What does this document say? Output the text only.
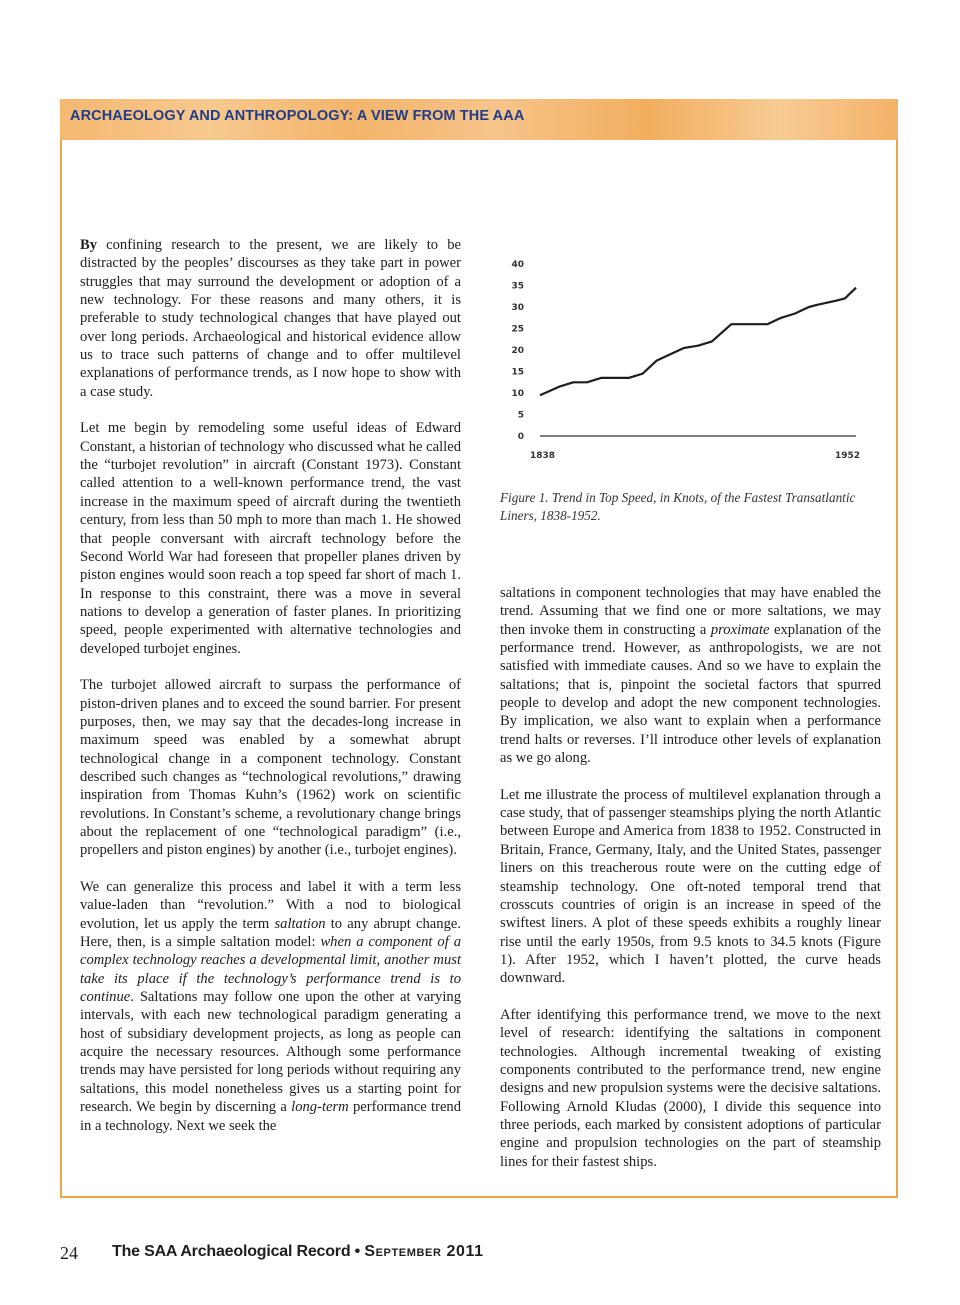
ARCHAEOLOGY AND ANTHROPOLOGY: A VIEW FROM THE AAA

By confining research to the present, we are likely to be distracted by the peoples’ discourses as they take part in power struggles that may surround the development or adoption of a new technology. For these reasons and many others, it is preferable to study technological changes that have played out over long periods. Archaeological and historical evidence allow us to trace such patterns of change and to offer multilevel explanations of performance trends, as I now hope to show with a case study.

Let me begin by remodeling some useful ideas of Edward Constant, a historian of technology who discussed what he called the “turbojet revolution” in aircraft (Constant 1973). Constant called attention to a well-known performance trend, the vast increase in the maximum speed of aircraft during the twentieth century, from less than 50 mph to more than mach 1. He showed that people conversant with aircraft technology before the Second World War had foreseen that propeller planes driven by piston engines would soon reach a top speed far short of mach 1. In response to this constraint, there was a move in several nations to develop a generation of faster planes. In prioritizing speed, people experimented with alternative technologies and developed turbojet engines.

The turbojet allowed aircraft to surpass the performance of piston-driven planes and to exceed the sound barrier. For present purposes, then, we may say that the decades-long increase in maximum speed was enabled by a somewhat abrupt technological change in a component technology. Constant described such changes as “technological revolutions,” drawing inspiration from Thomas Kuhn’s (1962) work on scientific revolutions. In Constant’s scheme, a revolutionary change brings about the replacement of one “technological paradigm” (i.e., propellers and piston engines) by another (i.e., turbojet engines).

We can generalize this process and label it with a term less value-laden than “revolution.” With a nod to biological evolution, let us apply the term saltation to any abrupt change. Here, then, is a simple saltation model: when a component of a complex technology reaches a developmental limit, another must take its place if the technology’s performance trend is to continue. Saltations may follow one upon the other at varying intervals, with each new technological paradigm generating a host of subsidiary development projects, as long as people can acquire the necessary resources. Although some performance trends may have persisted for long periods without requiring any saltations, this model nonetheless gives us a starting point for research. We begin by discerning a long-term performance trend in a technology. Next we seek the

0
5
10
15
20
25
30
35
40
1838	1952
Figure 1. Trend in Top Speed, in Knots, of the Fastest Transatlantic Liners, 1838-1952.

saltations in component technologies that may have enabled the trend. Assuming that we find one or more saltations, we may then invoke them in constructing a proximate explanation of the performance trend. However, as anthropologists, we are not satisfied with immediate causes. And so we have to explain the saltations; that is, pinpoint the societal factors that spurred people to develop and adopt the new component technologies. By implication, we also want to explain when a performance trend halts or reverses. I’ll introduce other levels of explanation as we go along.

Let me illustrate the process of multilevel explanation through a case study, that of passenger steamships plying the north Atlantic between Europe and America from 1838 to 1952. Constructed in Britain, France, Germany, Italy, and the United States, passenger liners on this treacherous route were on the cutting edge of steamship technology. One oft-noted temporal trend that crosscuts countries of origin is an increase in speed of the swiftest liners. A plot of these speeds exhibits a roughly linear rise until the early 1950s, from 9.5 knots to 34.5 knots (Figure 1). After 1952, which I haven’t plotted, the curve heads downward.

After identifying this performance trend, we move to the next level of research: identifying the saltations in component technologies. Although incremental tweaking of existing components contributed to the performance trend, new engine designs and new propulsion systems were the decisive saltations. Following Arnold Kludas (2000), I divide this sequence into three periods, each marked by consistent adoptions of particular engine and propulsion technologies on the part of steamship lines for their fastest ships.

24 The SAA Archaeological Record • September 2011
